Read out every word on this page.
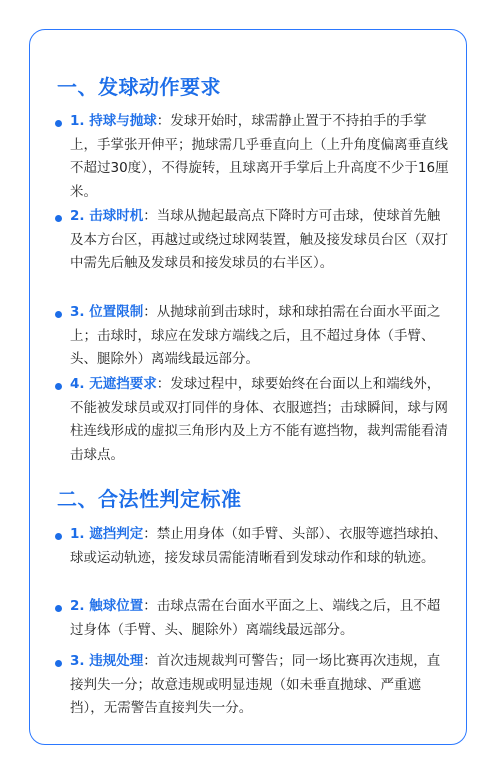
一、发球动作要求
1. 持球与抛球：发球开始时，球需静止置于不持拍手的手掌上，手掌张开伸平；抛球需几乎垂直向上（上升角度偏离垂直线不超过30度），不得旋转，且球离开手掌后上升高度不少于16厘米。
2. 击球时机：当球从抛起最高点下降时方可击球，使球首先触及本方台区，再越过或绕过球网装置，触及接发球员台区（双打中需先后触及发球员和接发球员的右半区）。
3. 位置限制：从抛球前到击球时，球和球拍需在台面水平面之上；击球时，球应在发球方端线之后，且不超过身体（手臂、头、腿除外）离端线最远部分。
4. 无遮挡要求：发球过程中，球要始终在台面以上和端线外，不能被发球员或双打同伴的身体、衣服遮挡；击球瞬间，球与网柱连线形成的虚拟三角形内及上方不能有遮挡物，裁判需能看清击球点。
二、合法性判定标准
1. 遮挡判定：禁止用身体（如手臂、头部）、衣服等遮挡球拍、球或运动轨迹，接发球员需能清晰看到发球动作和球的轨迹。
2. 触球位置：击球点需在台面水平面之上、端线之后，且不超过身体（手臂、头、腿除外）离端线最远部分。
3. 违规处理：首次违规裁判可警告；同一场比赛再次违规，直接判失一分；故意违规或明显违规（如未垂直抛球、严重遮挡），无需警告直接判失一分。
